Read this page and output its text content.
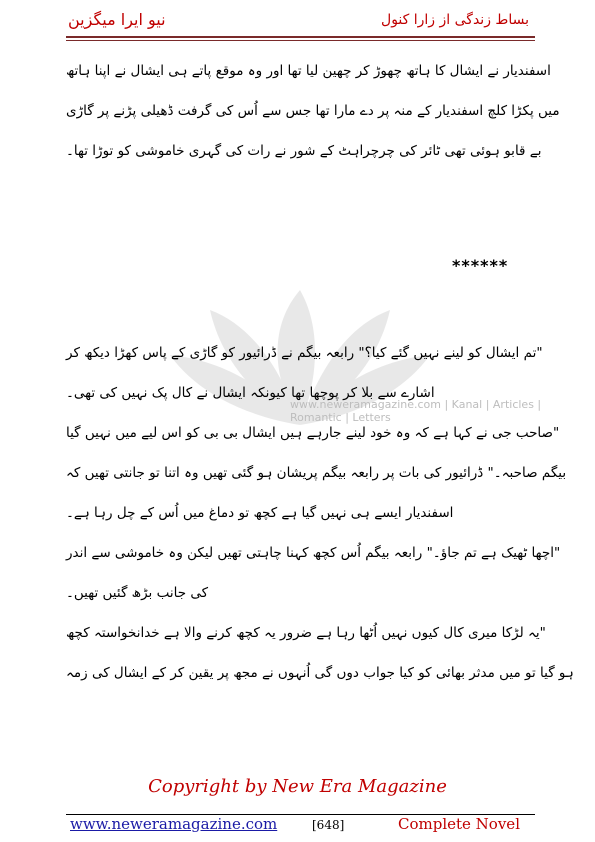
نیو ایرا میگزین	بساط زندگی از زارا کنول
www.neweramagazine.com | Kanal | Articles | Romantic | Letters
اسفندیار نے ایشال کا ہاتھ چھوڑ کر چھین لیا تھا اور وہ موقع پاتے ہی ایشال نے اپنا ہاتھ
میں پکڑا کلچ اسفندیار کے منہ پر دے مارا تھا جس سے اُس کی گرفت ڈھیلی پڑنے پر گاڑی
بے قابو ہوئی تھی ٹائر کی چرچراہٹ کے شور نے رات کی گہری خاموشی کو توڑا تھا۔
******
"تم ایشال کو لینے نہیں گئے کیا؟" رابعہ بیگم نے ڈرائیور کو گاڑی کے پاس کھڑا دیکھ کر
اشارے سے بلا کر پوچھا تھا کیونکہ ایشال نے کال پک نہیں کی تھی۔
"صاحب جی نے کہا ہے کہ وہ خود لینے جارہے ہیں ایشال بی بی کو اس لیے میں نہیں گیا
بیگم صاحبہ۔" ڈرائیور کی بات پر رابعہ بیگم پریشان ہو گئی تھیں وہ اتنا تو جانتی تھیں کہ
اسفندیار ایسے ہی نہیں گیا ہے کچھ تو دماغ میں اُس کے چل رہا ہے۔
"اچھا ٹھیک ہے تم جاؤ۔" رابعہ بیگم اُس کچھ کہنا چاہتی تھیں لیکن وہ خاموشی سے اندر
کی جانب بڑھ گئیں تھیں۔
"یہ لڑکا میری کال کیوں نہیں اُٹھا رہا ہے ضرور یہ کچھ کرنے والا ہے خدانخواستہ کچھ
ہو گیا تو میں مدثر بھائی کو کیا جواب دوں گی اُنہوں نے مجھ پر یقین کر کے ایشال کی زمہ
Copyright by New Era Magazine
www.neweramagazine.com	[648]	Complete Novel
